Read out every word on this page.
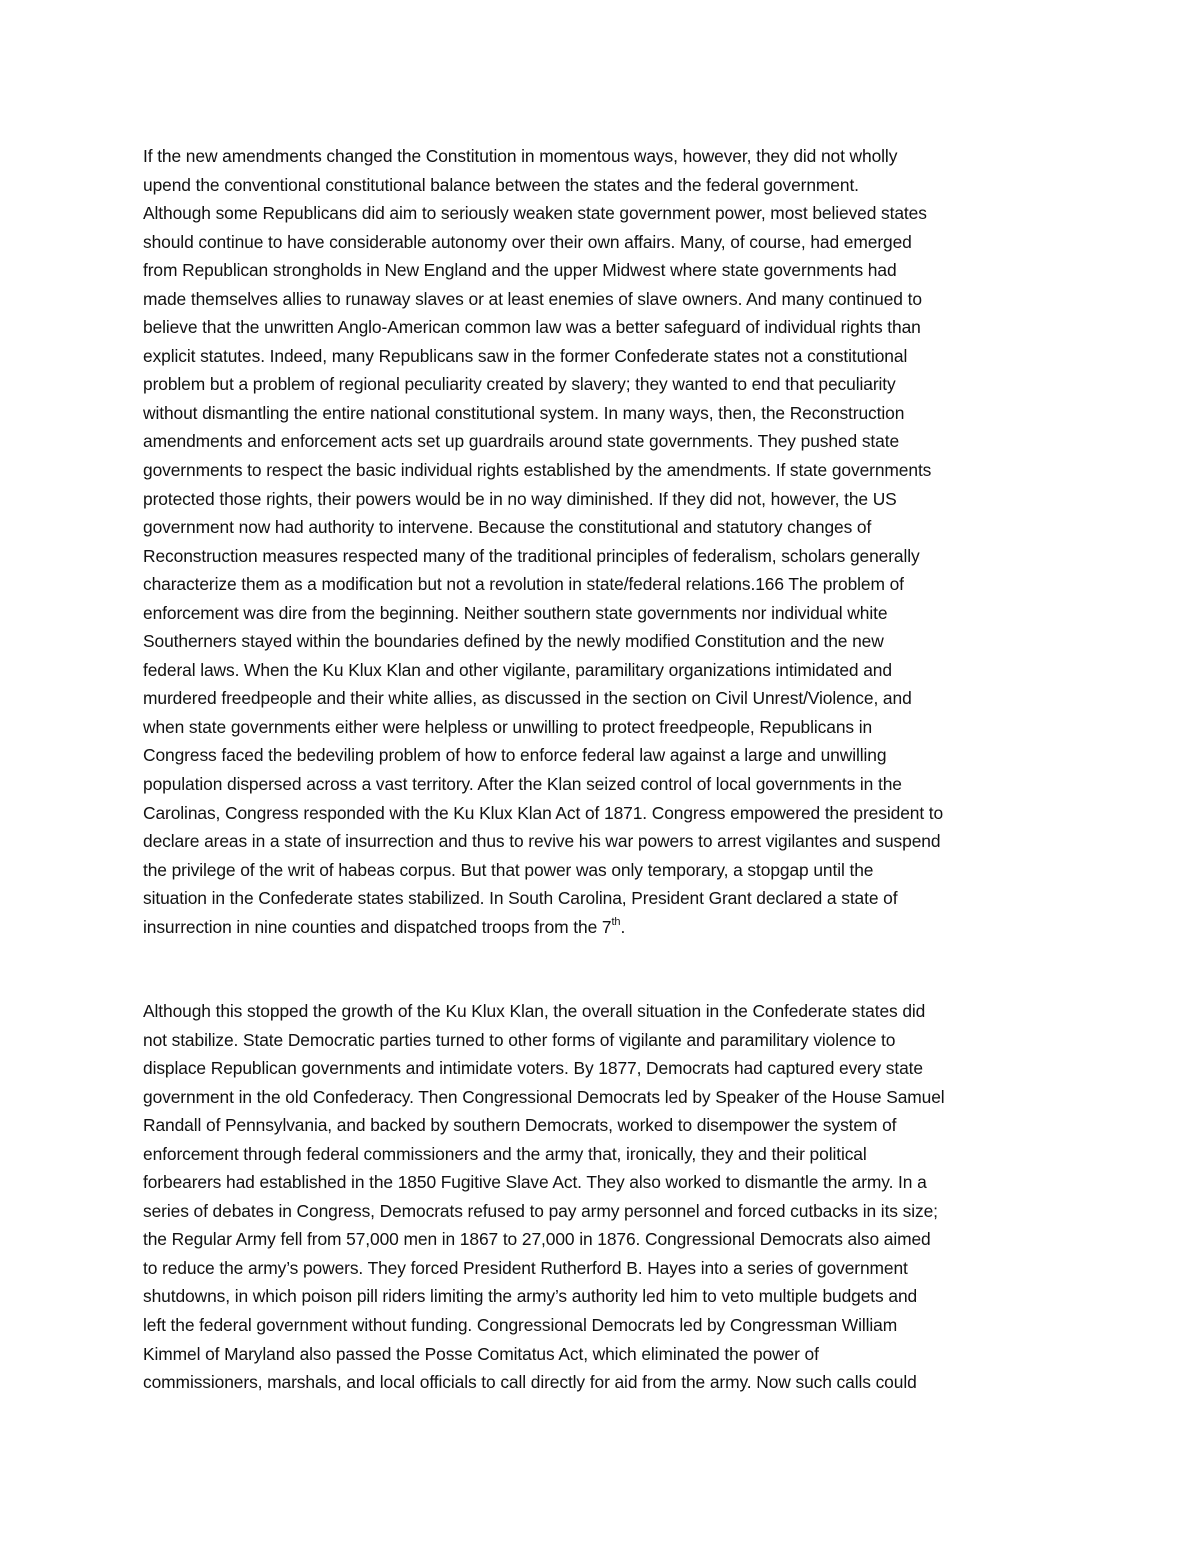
If the new amendments changed the Constitution in momentous ways, however, they did not wholly
upend the conventional constitutional balance between the states and the federal government.
Although some Republicans did aim to seriously weaken state government power, most believed states
should continue to have considerable autonomy over their own affairs. Many, of course, had emerged
from Republican strongholds in New England and the upper Midwest where state governments had
made themselves allies to runaway slaves or at least enemies of slave owners. And many continued to
believe that the unwritten Anglo-American common law was a better safeguard of individual rights than
explicit statutes. Indeed, many Republicans saw in the former Confederate states not a constitutional
problem but a problem of regional peculiarity created by slavery; they wanted to end that peculiarity
without dismantling the entire national constitutional system. In many ways, then, the Reconstruction
amendments and enforcement acts set up guardrails around state governments. They pushed state
governments to respect the basic individual rights established by the amendments. If state governments
protected those rights, their powers would be in no way diminished. If they did not, however, the US
government now had authority to intervene. Because the constitutional and statutory changes of
Reconstruction measures respected many of the traditional principles of federalism, scholars generally
characterize them as a modification but not a revolution in state/federal relations.166 The problem of
enforcement was dire from the beginning. Neither southern state governments nor individual white
Southerners stayed within the boundaries defined by the newly modified Constitution and the new
federal laws. When the Ku Klux Klan and other vigilante, paramilitary organizations intimidated and
murdered freedpeople and their white allies, as discussed in the section on Civil Unrest/Violence, and
when state governments either were helpless or unwilling to protect freedpeople, Republicans in
Congress faced the bedeviling problem of how to enforce federal law against a large and unwilling
population dispersed across a vast territory. After the Klan seized control of local governments in the
Carolinas, Congress responded with the Ku Klux Klan Act of 1871. Congress empowered the president to
declare areas in a state of insurrection and thus to revive his war powers to arrest vigilantes and suspend
the privilege of the writ of habeas corpus. But that power was only temporary, a stopgap until the
situation in the Confederate states stabilized. In South Carolina, President Grant declared a state of
insurrection in nine counties and dispatched troops from the 7th.
Although this stopped the growth of the Ku Klux Klan, the overall situation in the Confederate states did
not stabilize. State Democratic parties turned to other forms of vigilante and paramilitary violence to
displace Republican governments and intimidate voters. By 1877, Democrats had captured every state
government in the old Confederacy. Then Congressional Democrats led by Speaker of the House Samuel
Randall of Pennsylvania, and backed by southern Democrats, worked to disempower the system of
enforcement through federal commissioners and the army that, ironically, they and their political
forbearers had established in the 1850 Fugitive Slave Act. They also worked to dismantle the army. In a
series of debates in Congress, Democrats refused to pay army personnel and forced cutbacks in its size;
the Regular Army fell from 57,000 men in 1867 to 27,000 in 1876. Congressional Democrats also aimed
to reduce the army’s powers. They forced President Rutherford B. Hayes into a series of government
shutdowns, in which poison pill riders limiting the army’s authority led him to veto multiple budgets and
left the federal government without funding. Congressional Democrats led by Congressman William
Kimmel of Maryland also passed the Posse Comitatus Act, which eliminated the power of
commissioners, marshals, and local officials to call directly for aid from the army. Now such calls could
